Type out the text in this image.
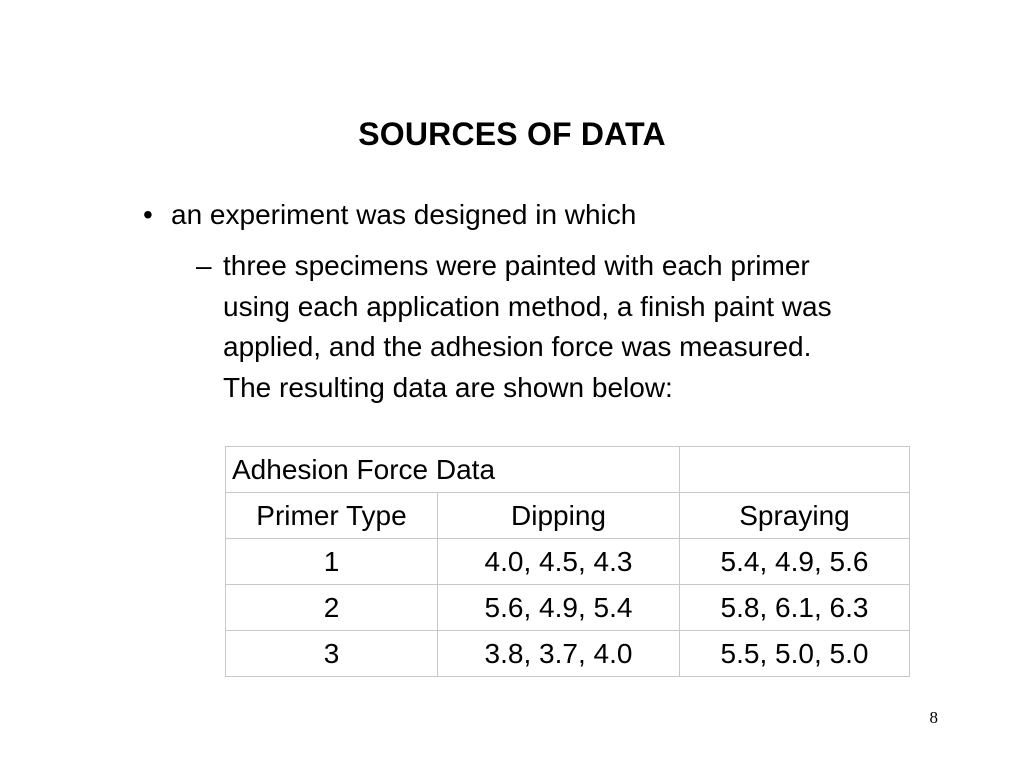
SOURCES OF DATA
• an experiment was designed in which
– three specimens were painted with each primer
using each application method, a finish paint was
applied, and the adhesion force was measured.
The resulting data are shown below:
Adhesion Force Data		
Primer Type	Dipping	Spraying
1	4.0, 4.5, 4.3	5.4, 4.9, 5.6
2	5.6, 4.9, 5.4	5.8, 6.1, 6.3
3	3.8, 3.7, 4.0	5.5, 5.0, 5.0
8
